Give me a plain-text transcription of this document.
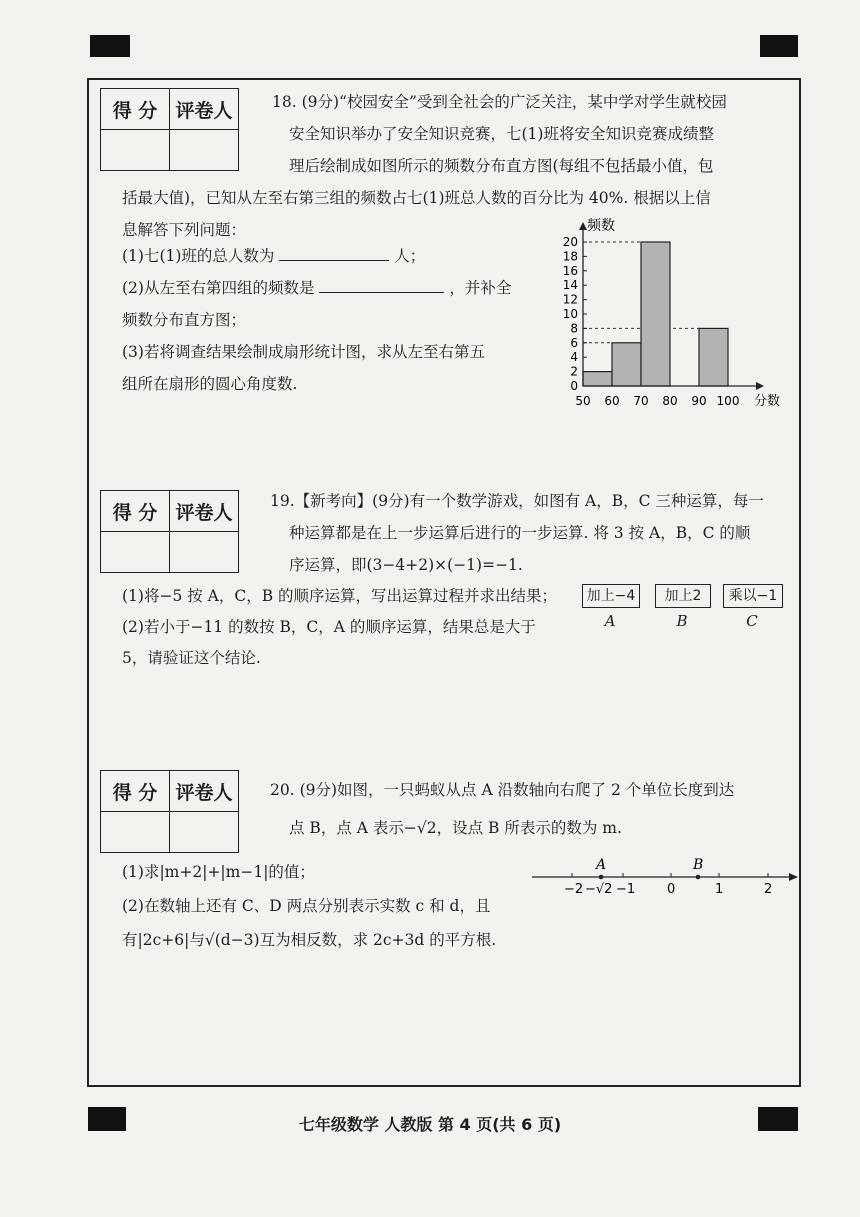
得 分	评卷人
		18. (9分)“校园安全”受到全社会的广泛关注，某中学对学生就校园
安全知识举办了安全知识竞赛，七(1)班将安全知识竞赛成绩整
理后绘制成如图所示的频数分布直方图(每组不包括最小值，包
括最大值)，已知从左至右第三组的频数占七(1)班总人数的百分比为 40%. 根据以上信
息解答下列问题：
(1)七(1)班的总人数为	人；
(2)从左至右第四组的频数是	，并补全
频数分布直方图；
(3)若将调查结果绘制成扇形统计图，求从左至右第五
组所在扇形的圆心角度数.	0
2
4
6
8
10
12
14
16
18
20
50 60 70 80 90 100
频数
分数
得 分	评卷人

19.【新考向】(9分)有一个数学游戏，如图有 A，B，C 三种运算，每一
种运算都是在上一步运算后进行的一步运算. 将 3 按 A，B，C 的顺
序运算，即(3−4+2)×(−1)=−1.
(1)将−5 按 A，C，B 的顺序运算，写出运算过程并求出结果；
(2)若小于−11 的数按 B，C，A 的顺序运算，结果总是大于
5，请验证这个结论.
加上−4	加上2	乘以−1
A	B	C
得 分	评卷人
	20. (9分)如图，一只蚂蚁从点 A 沿数轴向右爬了 2 个单位长度到达
点 B，点 A 表示−√2，设点 B 所表示的数为 m.
(1)求|m+2|+|m−1|的值；
(2)在数轴上还有 C、D 两点分别表示实数 c 和 d，且
有|2c+6|与√(d−3)互为相反数，求 2c+3d 的平方根.
A	B
−2 −√2 −1 0	1	2
七年级数学 人教版 第 4 页(共 6 页)
